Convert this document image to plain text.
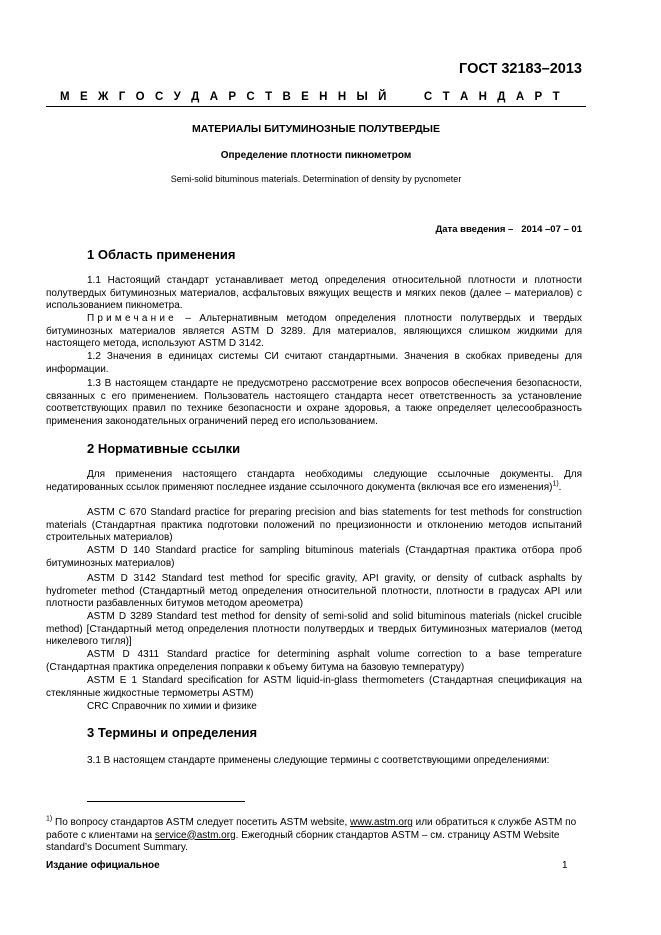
ГОСТ 32183–2013
М Е Ж Г О С У Д А Р С Т В Е Н Н Ы Й

	С Т А Н Д А Р Т
МАТЕРИАЛЫ БИТУМИНОЗНЫЕ ПОЛУТВЕРДЫЕ
Определение плотности пикнометром
Semi-solid bituminous materials. Determination of density by pycnometer
Дата введения –   2014 –07 – 01
1 Область применения
1.1 Настоящий стандарт устанавливает метод определения относительной плотности и плотности полутвердых битуминозных материалов, асфальтовых вяжущих веществ и мягких пеков (далее – материалов) с использованием пикнометра.
Примечание – Альтернативным методом определения плотности полутвердых и твердых битуминозных материалов является ASTM D 3289. Для материалов, являющихся слишком жидкими для настоящего метода, используют ASTM D 3142.
1.2 Значения в единицах системы СИ считают стандартными. Значения в скобках приведены для информации.
1.3 В настоящем стандарте не предусмотрено рассмотрение всех вопросов обеспечения безопасности, связанных с его применением. Пользователь настоящего стандарта несет ответственность за установление соответствующих правил по технике безопасности и охране здоровья, а также определяет целесообразность применения законодательных ограничений перед его использованием.
2 Нормативные ссылки
Для применения настоящего стандарта необходимы следующие ссылочные документы. Для недатированных ссылок применяют последнее издание ссылочного документа (включая все его изменения)$^{1)}$.
ASTM C 670 Standard practice for preparing precision and bias statements for test methods for construction materials (Стандартная практика подготовки положений по прецизионности и отклонению методов испытаний строительных материалов)
ASTM D 140 Standard practice for sampling bituminous materials (Стандартная практика отбора проб битуминозных материалов)
ASTM D 3142 Standard test method for specific gravity, API gravity, or density of cutback asphalts by hydrometer method (Стандартный метод определения относительной плотности, плотности в градусах API или плотности разбавленных битумов методом ареометра)
ASTM D 3289 Standard test method for density of semi-solid and solid bituminous materials (nickel crucible method) [Стандартный метод определения плотности полутвердых и твердых битуминозных материалов (метод никелевого тигля)]
ASTM D 4311 Standard practice for determining asphalt volume correction to a base temperature (Стандартная практика определения поправки к объему битума на базовую температуру)
ASTM E 1 Standard specification for ASTM liquid-in-glass thermometers (Стандартная спецификация на стеклянные жидкостные термометры ASTM)
CRC Справочник по химии и физике
3 Термины и определения
3.1 В настоящем стандарте применены следующие термины с соответствующими определениями:
$^{1)}$ По вопросу стандартов ASTM следует посетить ASTM website, www.astm.org или обратиться к службе ASTM по работе с клиентами на service@astm.org. Ежегодный сборник стандартов ASTM – см. страницу ASTM Website standard’s Document Summary.
Издание официальное	1
